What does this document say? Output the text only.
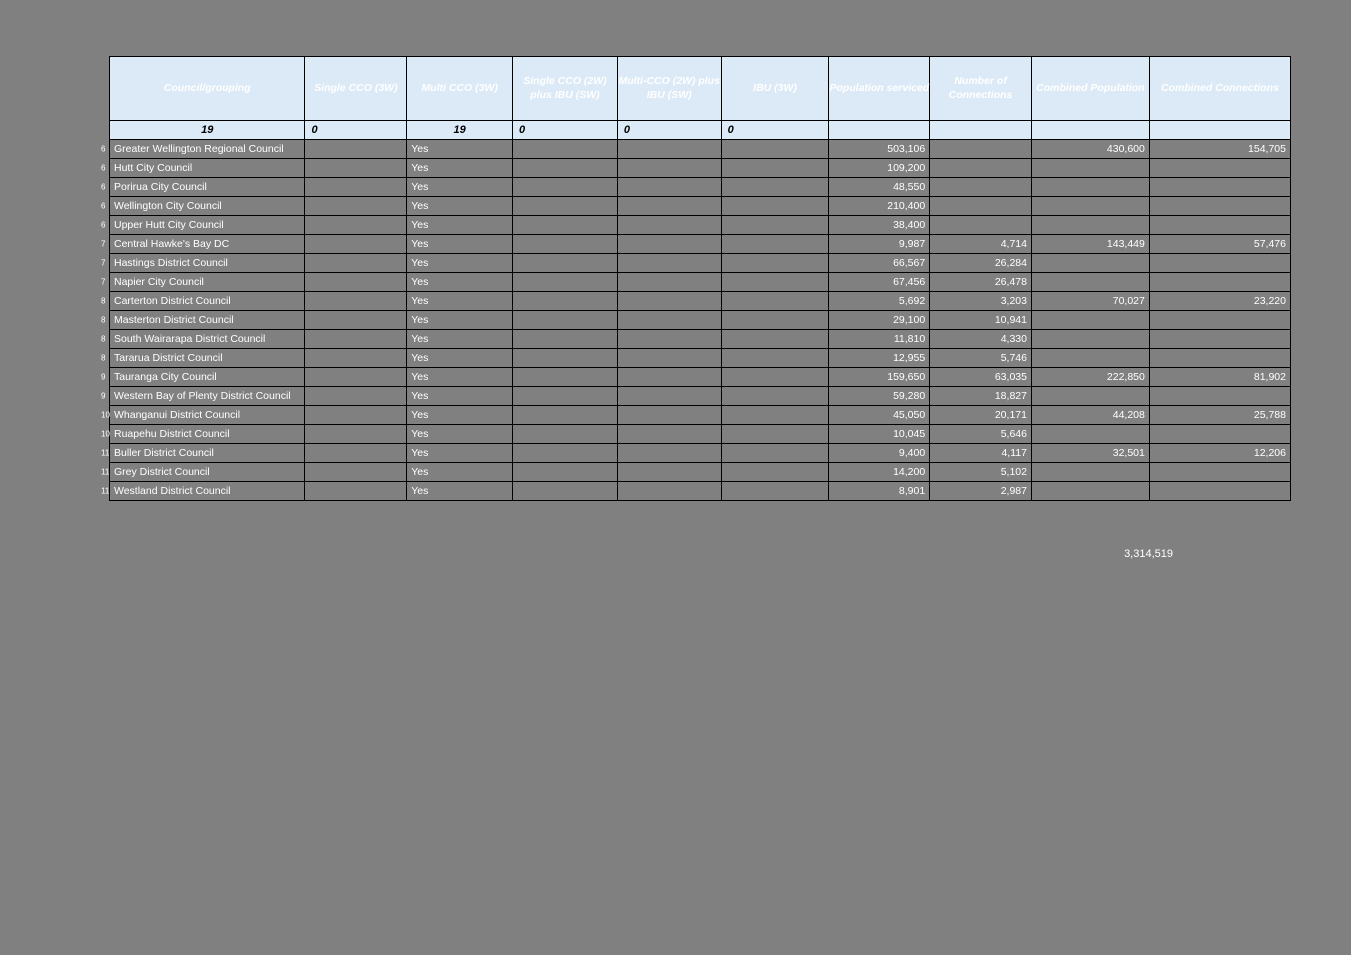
Council/grouping	Single CCO (3W)	Multi CCO (3W)	Single CCO (2W) plus IBU (SW)	Multi-CCO (2W) plus IBU (SW)	IBU (3W)	Population serviced	Number of Connections	Combined Population	Combined Connections
19	0	19	0	0	0				

6 Greater Wellington Regional Council		Yes				503,106		430,600	154,705

6 Hutt City Council		Yes				109,200			

6 Porirua City Council		Yes				48,550			

6 Wellington City Council		Yes				210,400			

6 Upper Hutt City Council		Yes				38,400			

7 Central Hawke's Bay DC		Yes				9,987	4,714	143,449	57,476

7 Hastings District Council		Yes				66,567	26,284		

7 Napier City Council		Yes				67,456	26,478		

8 Carterton District Council		Yes				5,692	3,203	70,027	23,220

8 Masterton District Council		Yes				29,100	10,941		

8 South Wairarapa District Council		Yes				11,810	4,330		

8 Tararua District Council		Yes				12,955	5,746		

9 Tauranga City Council		Yes				159,650	63,035	222,850	81,902

9 Western Bay of Plenty District Council		Yes				59,280	18,827		

10 Whanganui District Council		Yes				45,050	20,171	44,208	25,788

10 Ruapehu District Council		Yes				10,045	5,646		

11 Buller District Council		Yes				9,400	4,117	32,501	12,206

11 Grey District Council		Yes				14,200	5,102		

11 Westland District Council		Yes				8,901	2,987		
3,314,519
